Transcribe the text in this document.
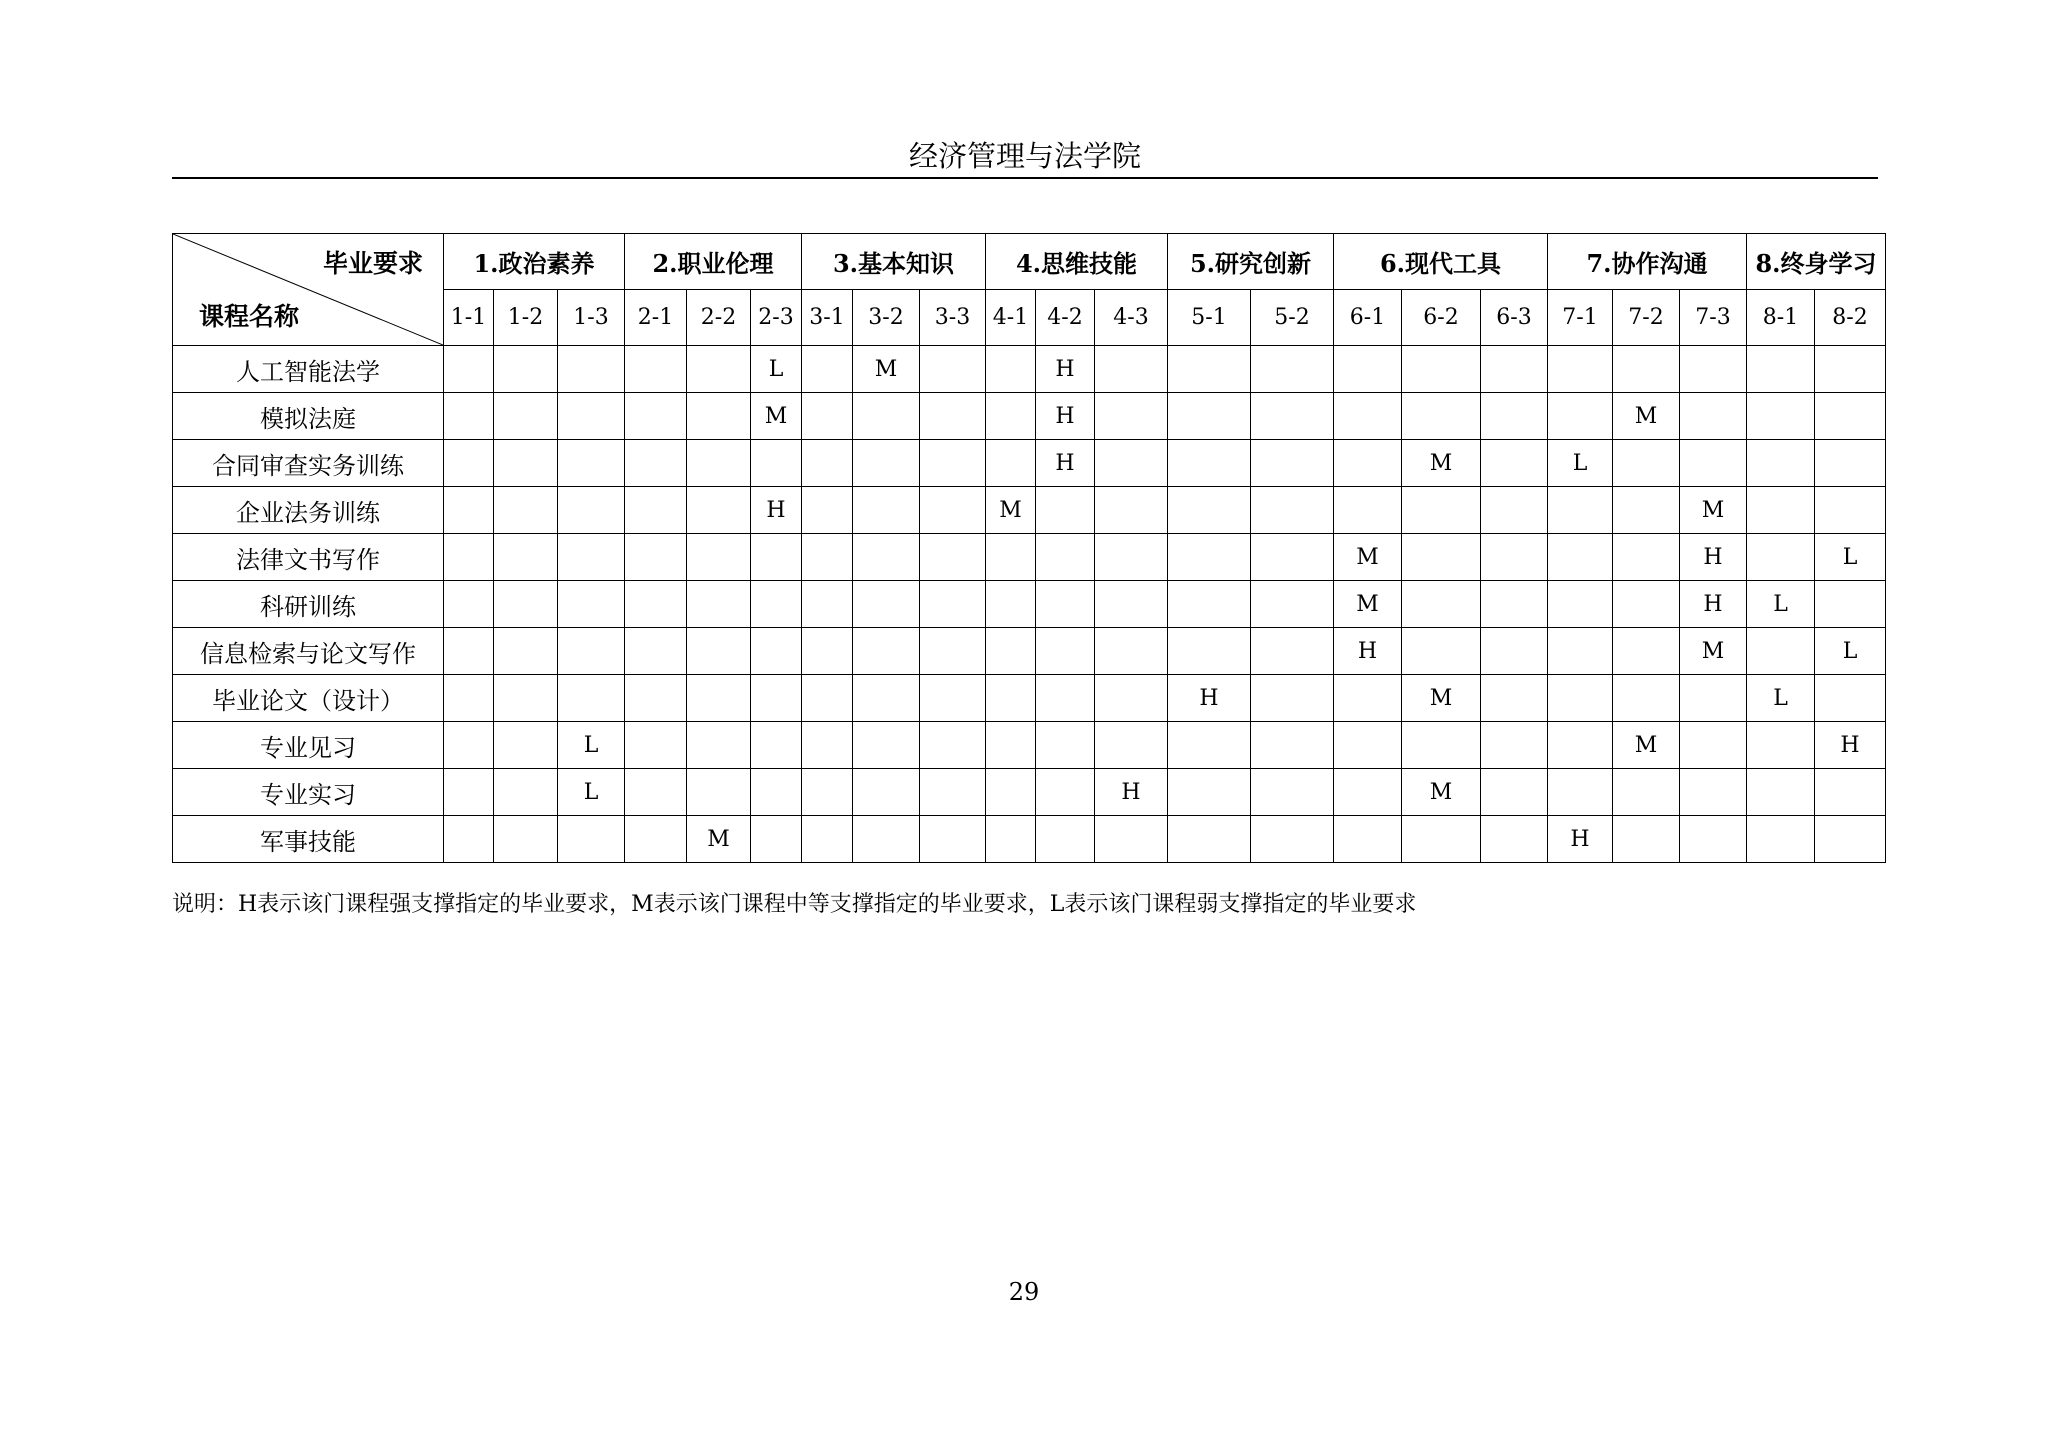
经济管理与法学院
毕业要求
课程名称	1.政治素养			2.职业伦理			3.基本知识			4.思维技能			5.研究创新		6.现代工具			7.协作沟通			8.终身学习	
	1-1	1-2	1-3	2-1	2-2	2-3	3-1	3-2	3-3	4-1	4-2	4-3	5-1	5-2	6-1	6-2	6-3	7-1	7-2	7-3	8-1	8-2
人工智能法学						L		M			H											
模拟法庭						M					H								M			
合同审查实务训练											H					M		L				
企业法务训练						H				M										M		
法律文书写作															M					H		L
科研训练															M					H	L	
信息检索与论文写作															H					M		L
毕业论文（设计）													H			M					L	
专业见习			L																M			H
专业实习			L									H				M						
军事技能					M													H				
说明：H表示该门课程强支撑指定的毕业要求，M表示该门课程中等支撑指定的毕业要求，L表示该门课程弱支撑指定的毕业要求
29
